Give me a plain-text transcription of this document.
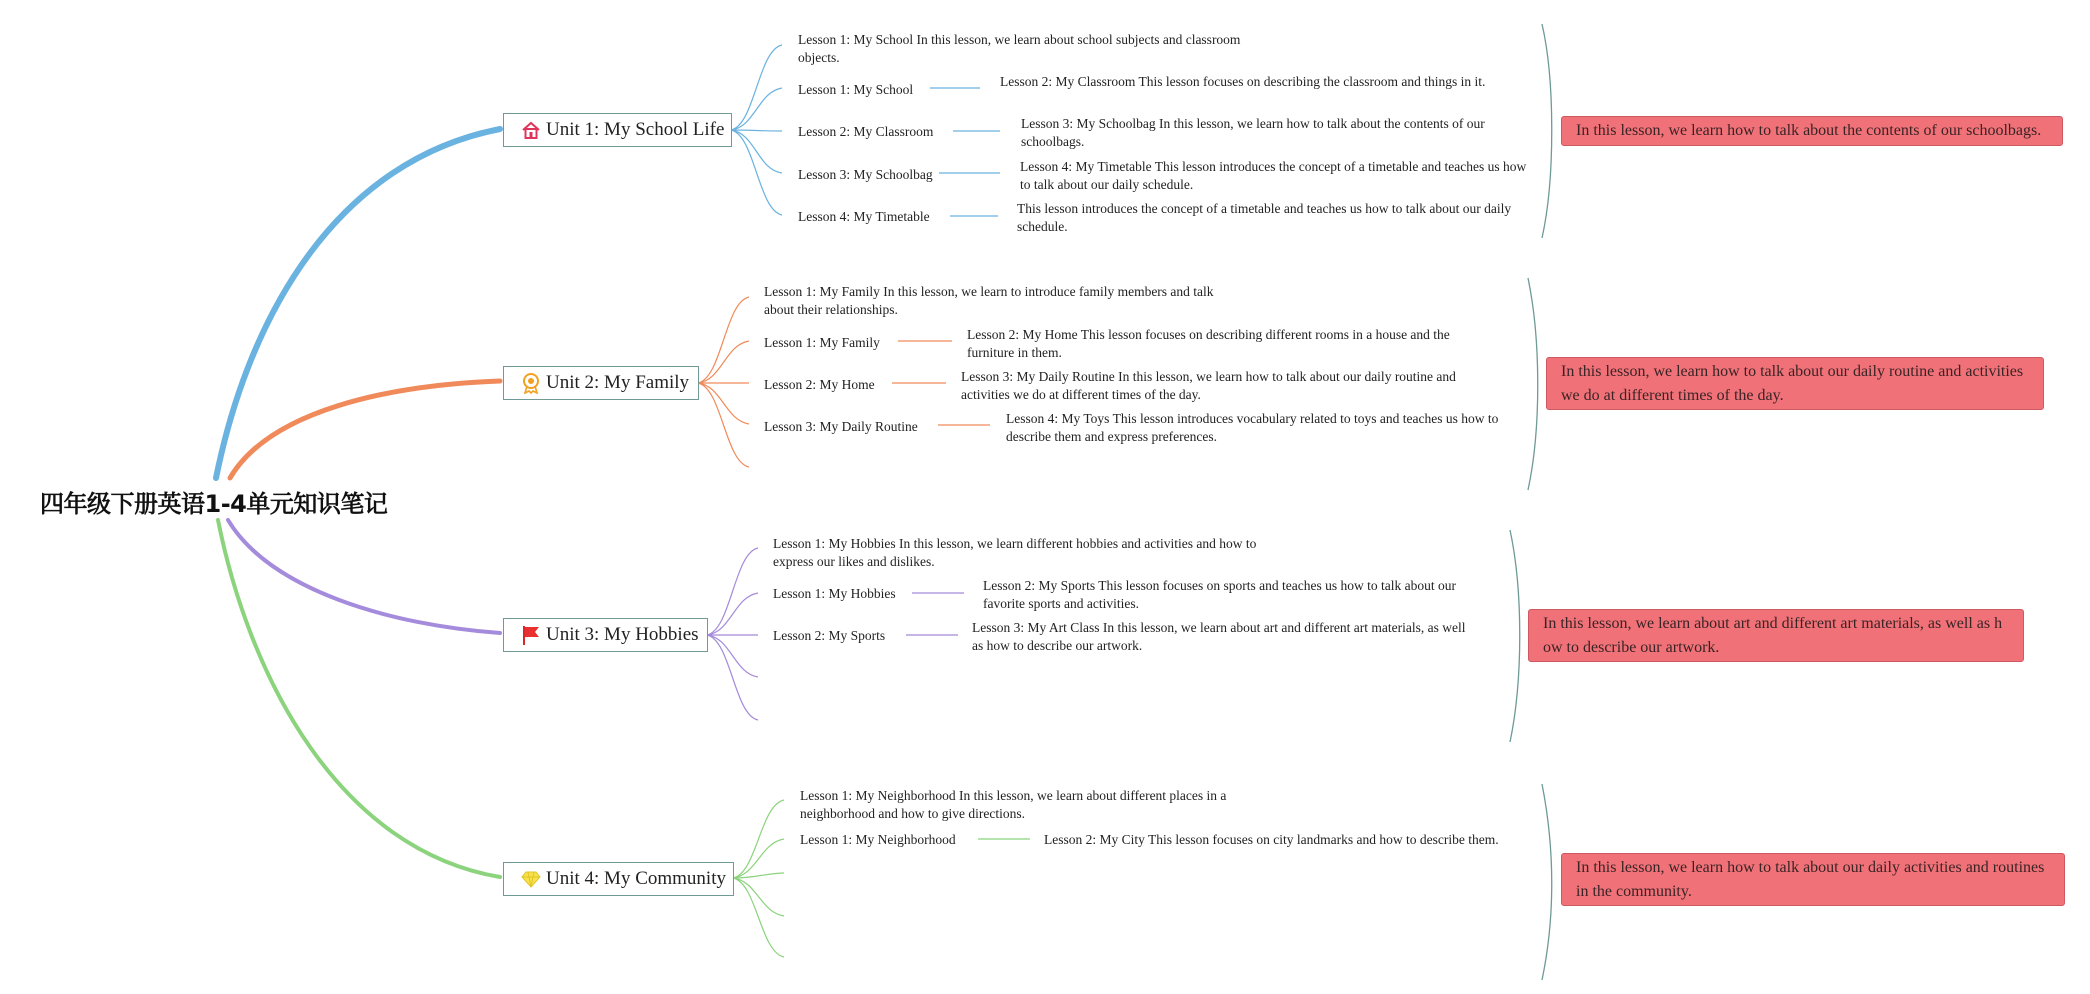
四年级下册英语1-4单元知识笔记
Unit 1: My School Life
Lesson 1: My School In this lesson, we learn about school subjects and classroom objects.
Lesson 1: My School
Lesson 2: My Classroom This lesson focuses on describing the classroom and things in it.
Lesson 2: My Classroom
Lesson 3: My Schoolbag In this lesson, we learn how to talk about the contents of our schoolbags.
Lesson 3: My Schoolbag
Lesson 4: My Timetable This lesson introduces the concept of a timetable and teaches us how to talk about our daily schedule.
Lesson 4: My Timetable
This lesson introduces the concept of a timetable and teaches us how to talk about our daily schedule.
In this lesson, we learn how to talk about the contents of our schoolbags.
Unit 2: My Family
Lesson 1: My Family In this lesson, we learn to introduce family members and talk about their relationships.
Lesson 1: My Family
Lesson 2: My Home This lesson focuses on describing different rooms in a house and the furniture in them.
Lesson 2: My Home
Lesson 3: My Daily Routine In this lesson, we learn how to talk about our daily routine and activities we do at different times of the day.
Lesson 3: My Daily Routine
Lesson 4: My Toys This lesson introduces vocabulary related to toys and teaches us how to describe them and express preferences.
In this lesson, we learn how to talk about our daily routine and activities we do at different times of the day.
Unit 3: My Hobbies
Lesson 1: My Hobbies In this lesson, we learn different hobbies and activities and how to express our likes and dislikes.
Lesson 1: My Hobbies
Lesson 2: My Sports This lesson focuses on sports and teaches us how to talk about our favorite sports and activities.
Lesson 2: My Sports
Lesson 3: My Art Class In this lesson, we learn about art and different art materials, as well as how to describe our artwork.
In this lesson, we learn about art and different art materials, as well as how to describe our artwork.
Unit 4: My Community
Lesson 1: My Neighborhood In this lesson, we learn about different places in a neighborhood and how to give directions.
Lesson 1: My Neighborhood	Lesson 2: My City This lesson focuses on city landmarks and how to describe them.
In this lesson, we learn how to talk about our daily activities and routines in the community.
